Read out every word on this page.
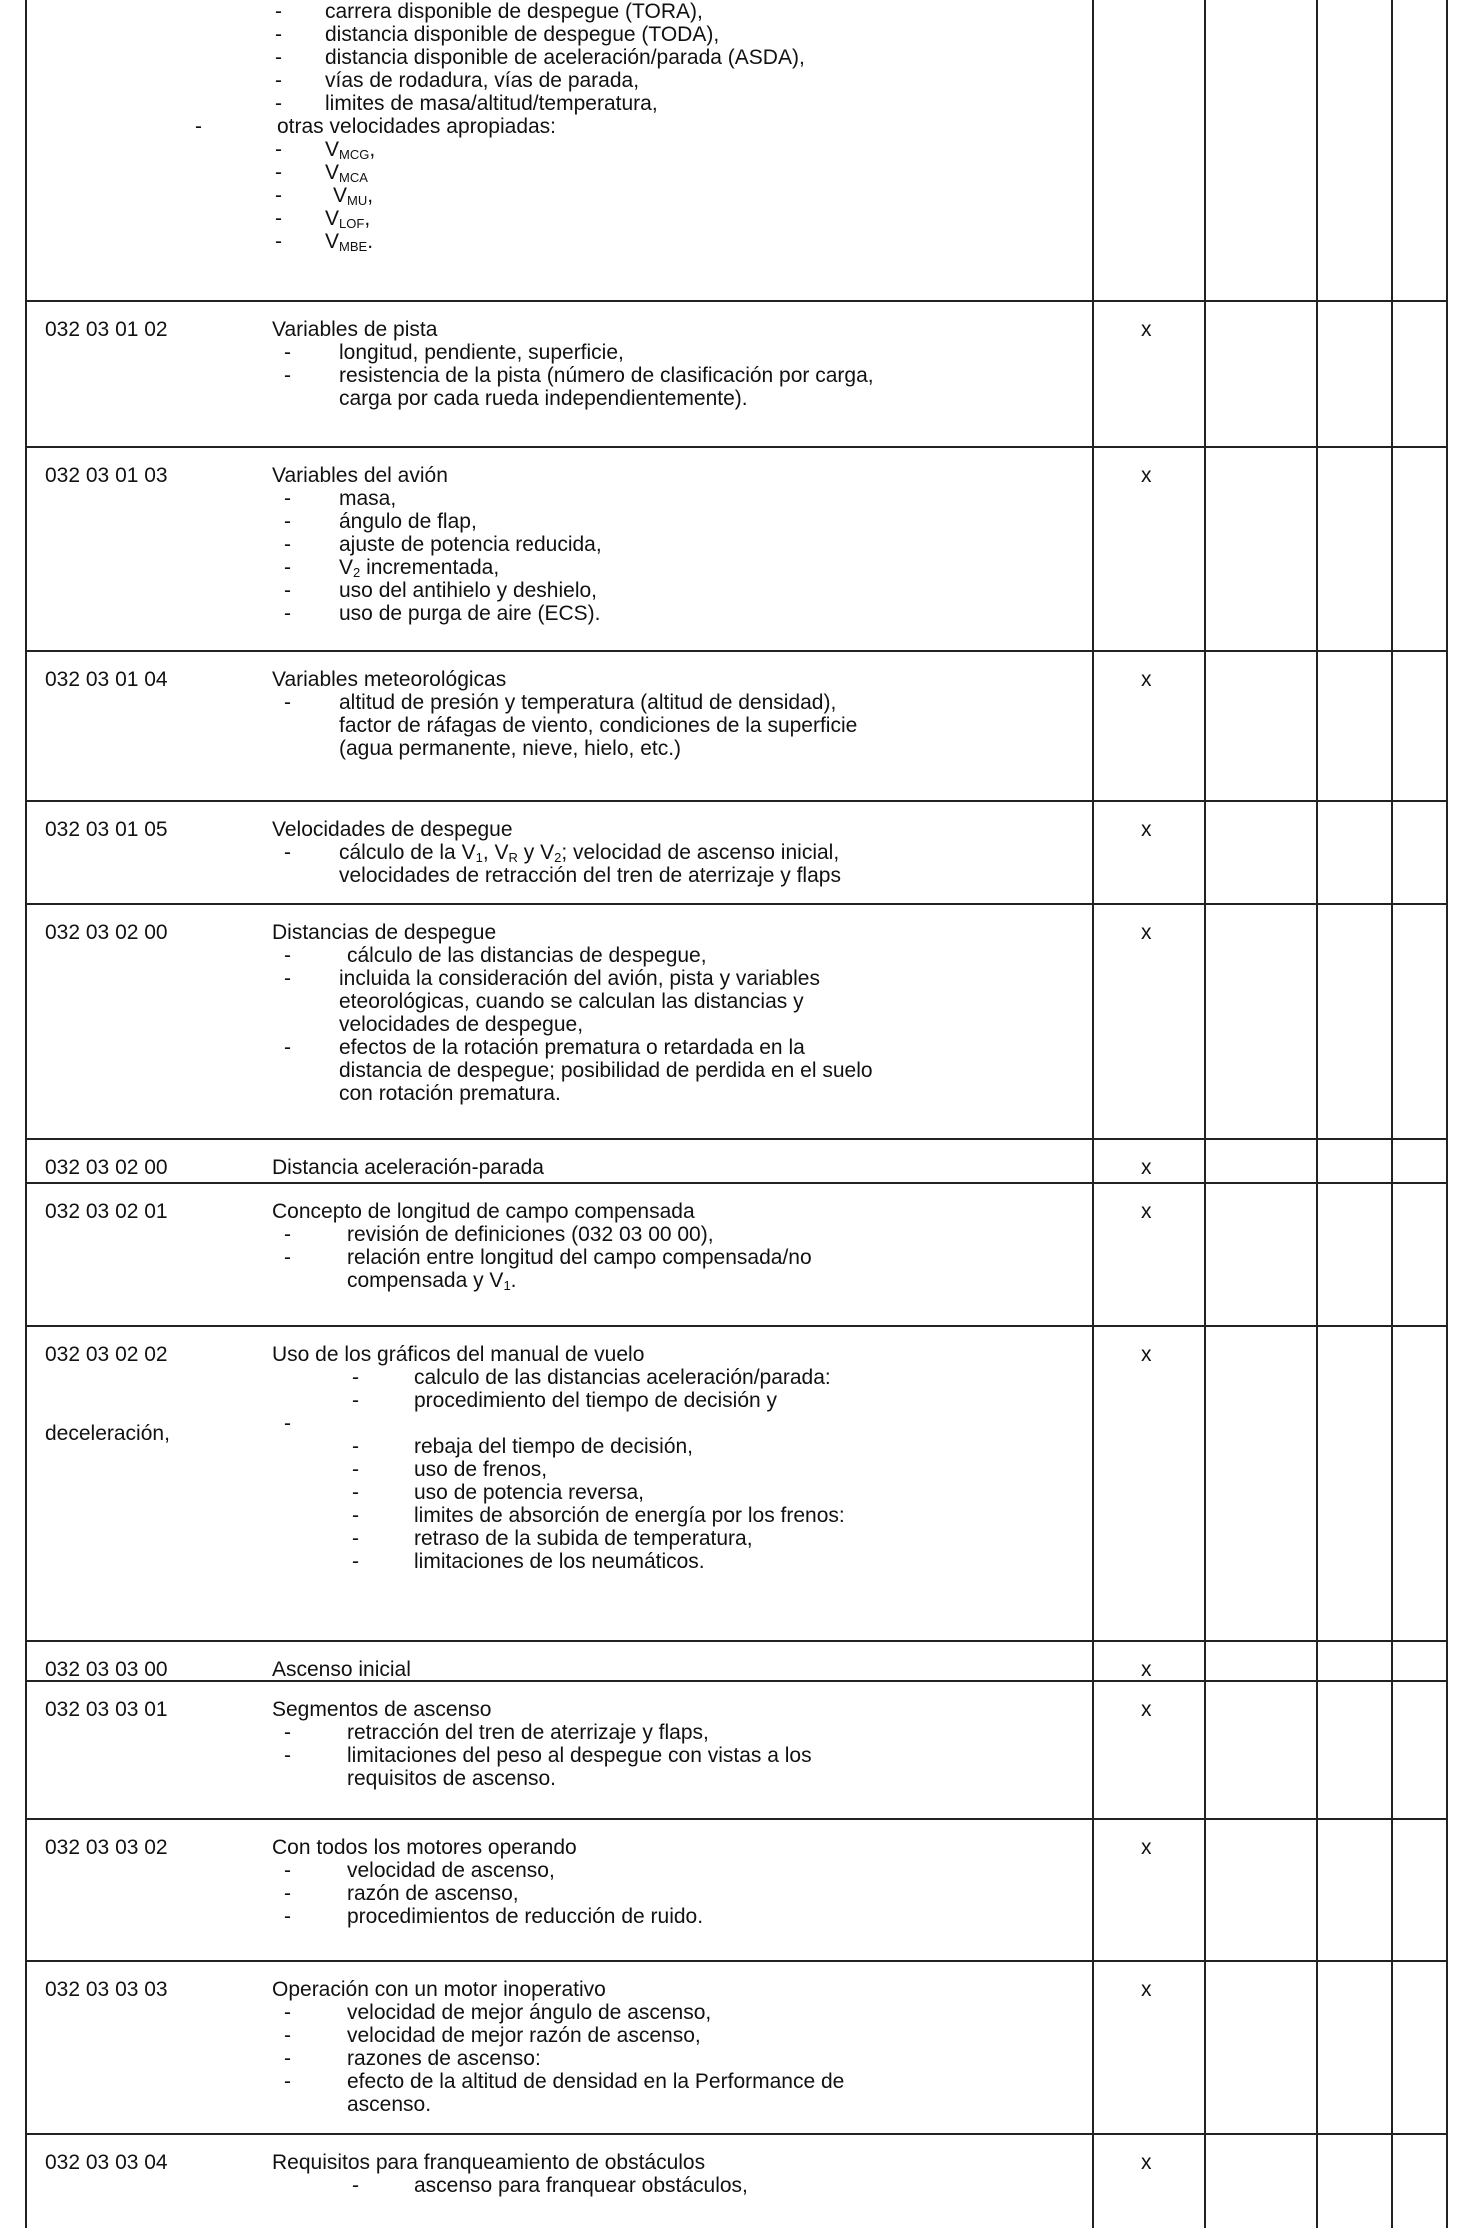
- carrera disponible de despegue (TORA),
- distancia disponible de despegue (TODA),
- distancia disponible de aceleración/parada (ASDA),
- vías de rodadura, vías de parada,
- limites de masa/altitud/temperatura,
-	otras velocidades apropiadas:
- $V_{MCG}$,
- $V_{MCA}$
- $V_{MU}$,
- $V_{LOF}$,
- $V_{MBE}$.
032 03 01 02	Variables de pista
- longitud, pendiente, superficie,
- resistencia de la pista (número de clasificación por carga,
carga por cada rueda independientemente).
x
032 03 01 03	Variables del avión
- masa,
- ángulo de flap,
- ajuste de potencia reducida,
- $V_2$ incrementada,
- uso del antihielo y deshielo,
- uso de purga de aire (ECS).
x
032 03 01 04	Variables meteorológicas
- altitud de presión y temperatura (altitud de densidad),
factor de ráfagas de viento, condiciones de la superficie
(agua permanente, nieve, hielo, etc.)
x
032 03 01 05	Velocidades de despegue
- cálculo de la $V_1$, $V_R$ y $V_2$; velocidad de ascenso inicial,
velocidades de retracción del tren de aterrizaje y flaps
x
032 03 02 00	Distancias de despegue
-	cálculo de las distancias de despegue,
- incluida la consideración del avión, pista y variables
eteorológicas, cuando se calculan las distancias y
velocidades de despegue,
- efectos de la rotación prematura o retardada en la
distancia de despegue; posibilidad de perdida en el suelo
con rotación prematura.
x
032 03 02 00	Distancia aceleración-parada	x
032 03 02 01	Concepto de longitud de campo compensada
-	revisión de definiciones (032 03 00 00),
-	relación entre longitud del campo compensada/no
compensada y $V_1$.
x
032 03 02 02	Uso de los gráficos del manual de vuelo
-	calculo de las distancias aceleración/parada:
-	procedimiento del tiempo de decisión y
-
-	rebaja del tiempo de decisión,
-	uso de frenos,
-	uso de potencia reversa,
-	limites de absorción de energía por los frenos:
-	retraso de la subida de temperatura,
-	limitaciones de los neumáticos.
deceleración,
x
032 03 03 00	Ascenso inicial	x
032 03 03 01	Segmentos de ascenso
-	retracción del tren de aterrizaje y flaps,
-	limitaciones del peso al despegue con vistas a los
requisitos de ascenso.
x
032 03 03 02	Con todos los motores operando
-	velocidad de ascenso,
-	razón de ascenso,
-	procedimientos de reducción de ruido.
x
032 03 03 03	Operación con un motor inoperativo
-	velocidad de mejor ángulo de ascenso,
-	velocidad de mejor razón de ascenso,
-	razones de ascenso:
-	efecto de la altitud de densidad en la Performance de
ascenso.
x
032 03 03 04	Requisitos para franqueamiento de obstáculos
-	ascenso para franquear obstáculos,
x
